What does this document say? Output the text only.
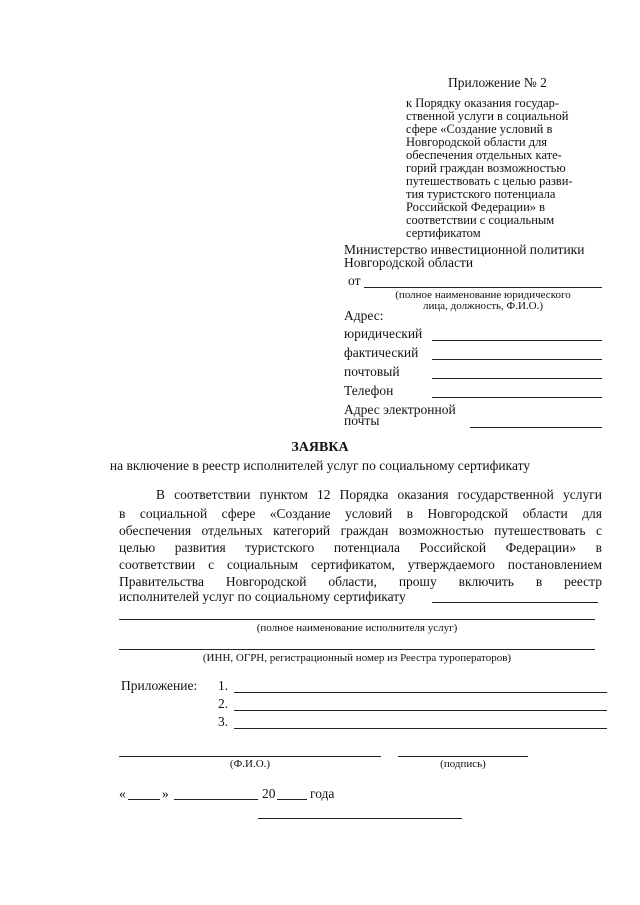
Приложение № 2
к Порядку оказания государ-
ственной услуги в социальной
сфере «Создание условий в
Новгородской области для
обеспечения отдельных кате-
горий граждан возможностью
путешествовать с целью разви-
тия туристского потенциала
Российской Федерации» в
соответствии с социальным
сертификатом
Министерство инвестиционной политики
Новгородской области
от
(полное наименование юридического
лица, должность, Ф.И.О.)
Адрес:
юридический
фактический
почтовый
Телефон
Адрес электронной
почты
ЗАЯВКА
на включение в реестр исполнителей услуг по социальному сертификату
В соответствии пунктом 12 Порядка оказания государственной услуги
в социальной сфере «Создание условий в Новгородской области для
обеспечения отдельных категорий граждан возможностью путешествовать с
целью развития туристского потенциала Российской Федерации» в
соответствии с социальным сертификатом, утверждаемого постановлением
Правительства Новгородской области, прошу включить в реестр
исполнителей услуг по социальному сертификату
(полное наименование исполнителя услуг)
(ИНН, ОГРН, регистрационный номер из Реестра туроператоров)
Приложение: 1.
2.
3.
(Ф.И.О.)	(подпись)
«	»	20	года
